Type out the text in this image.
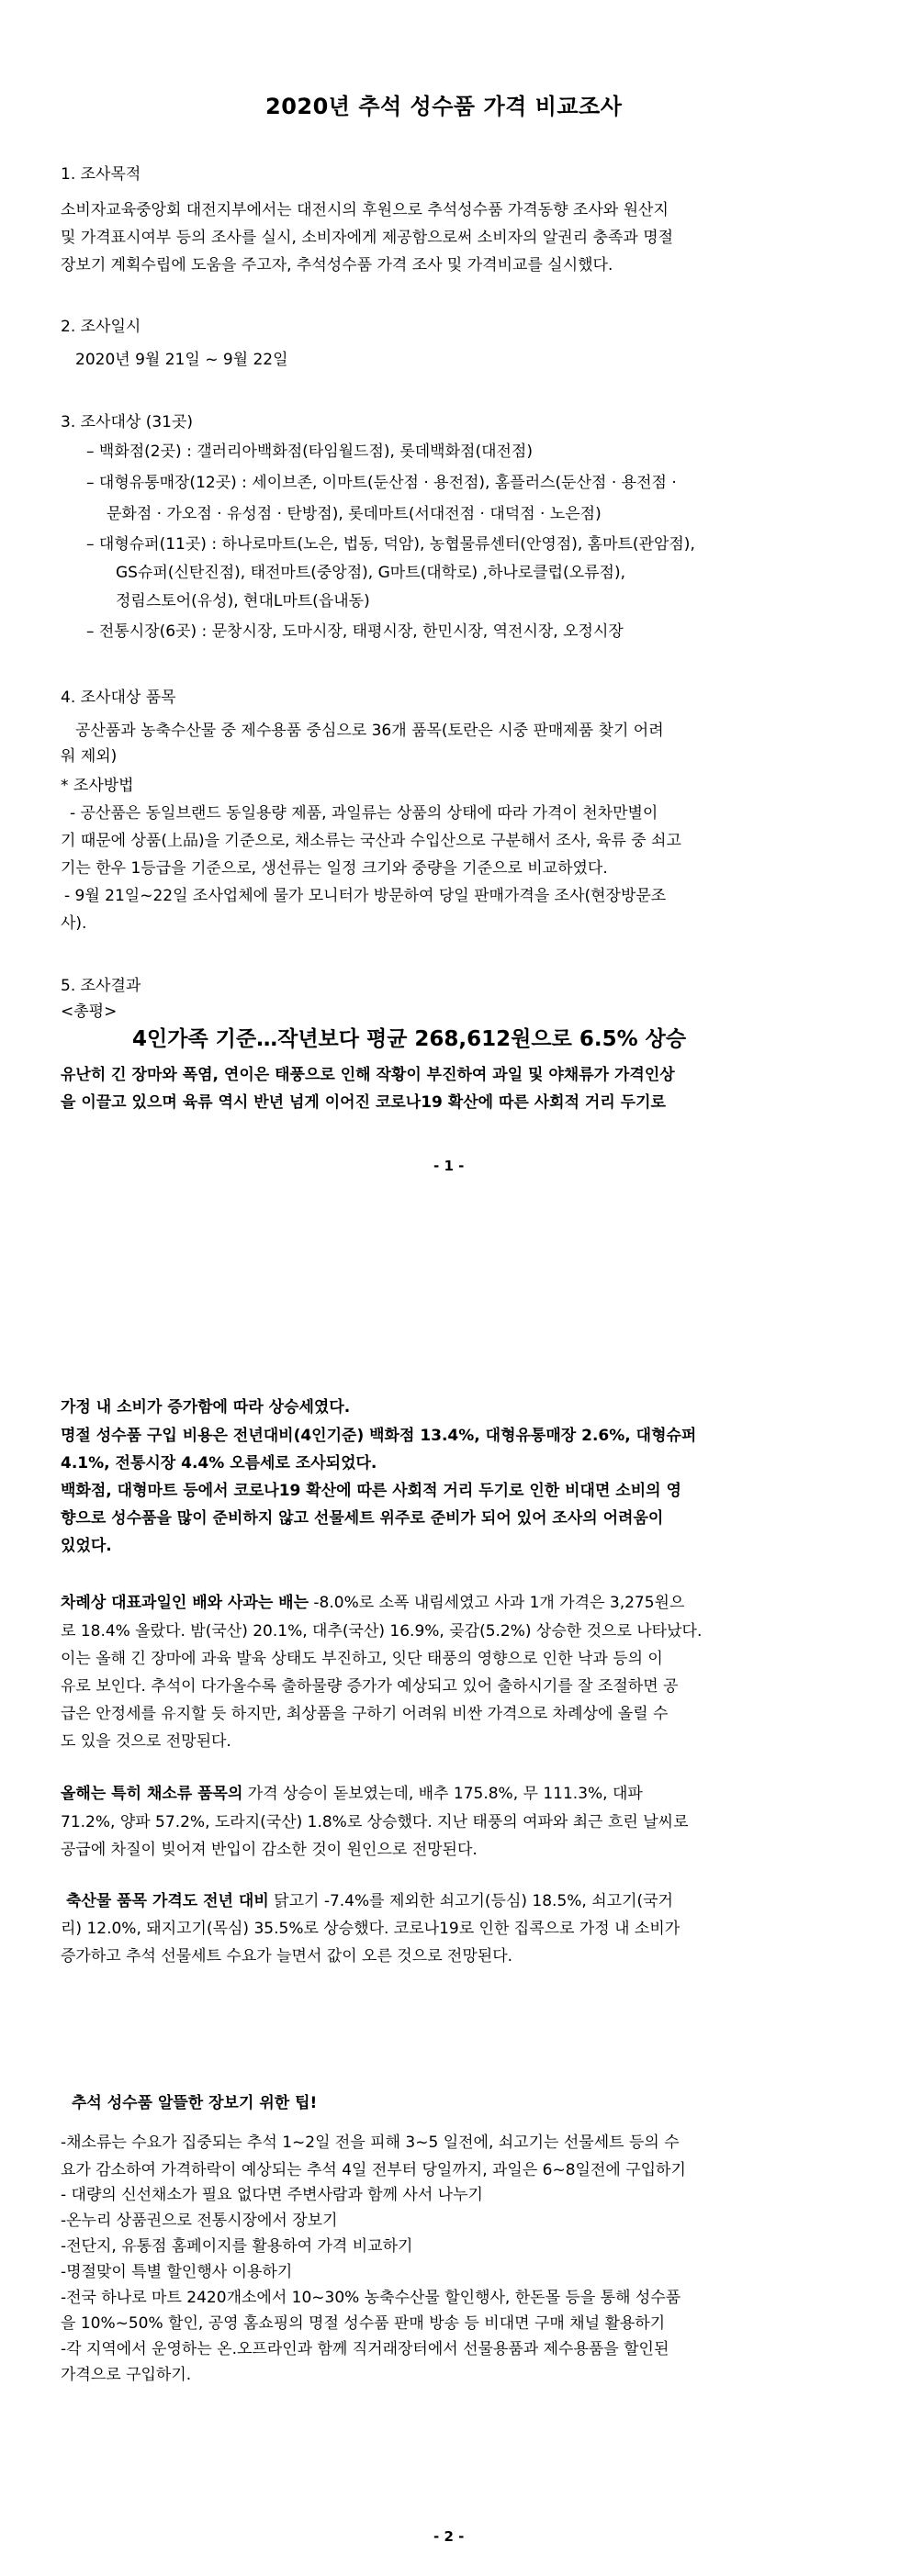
2020년 추석 성수품 가격 비교조사
1. 조사목적
소비자교육중앙회 대전지부에서는 대전시의 후원으로 추석성수품 가격동향 조사와 원산지
및 가격표시여부 등의 조사를 실시, 소비자에게 제공함으로써 소비자의 알권리 충족과 명절
장보기 계획수립에 도움을 주고자, 추석성수품 가격 조사 및 가격비교를 실시했다.
2. 조사일시
2020년 9월 21일 ~ 9월 22일
3. 조사대상 (31곳)
– 백화점(2곳) : 갤러리아백화점(타임월드점), 롯데백화점(대전점)
– 대형유통매장(12곳) : 세이브존, 이마트(둔산점 · 용전점), 홈플러스(둔산점 · 용전점 ·
문화점 · 가오점 · 유성점 · 탄방점), 롯데마트(서대전점 · 대덕점 · 노은점)
– 대형슈퍼(11곳) : 하나로마트(노은, 법동, 덕암), 농협물류센터(안영점), 홈마트(관암점),
GS슈퍼(신탄진점), 태전마트(중앙점), G마트(대학로) ,하나로클럽(오류점),
정림스토어(유성), 현대L마트(읍내동)
– 전통시장(6곳) : 문창시장, 도마시장, 태평시장, 한민시장, 역전시장, 오정시장
4. 조사대상 품목
공산품과 농축수산물 중 제수용품 중심으로 36개 품목(토란은 시중 판매제품 찾기 어려
워 제외)
* 조사방법
- 공산품은 동일브랜드 동일용량 제품, 과일류는 상품의 상태에 따라 가격이 천차만별이
기 때문에 상품(上品)을 기준으로, 채소류는 국산과 수입산으로 구분해서 조사, 육류 중 쇠고
기는 한우 1등급을 기준으로, 생선류는 일정 크기와 중량을 기준으로 비교하였다.
- 9월 21일~22일 조사업체에 물가 모니터가 방문하여 당일 판매가격을 조사(현장방문조
사).
5. 조사결과
<총평>
4인가족 기준…작년보다 평균 268,612원으로 6.5% 상승
유난히 긴 장마와 폭염, 연이은 태풍으로 인해 작황이 부진하여 과일 및 야채류가 가격인상
을 이끌고 있으며 육류 역시 반년 넘게 이어진 코로나19 확산에 따른 사회적 거리 두기로
- 1 -
가정 내 소비가 증가함에 따라 상승세였다.
명절 성수품 구입 비용은 전년대비(4인기준) 백화점 13.4%, 대형유통매장 2.6%, 대형슈퍼
4.1%, 전통시장 4.4% 오름세로 조사되었다.
백화점, 대형마트 등에서 코로나19 확산에 따른 사회적 거리 두기로 인한 비대면 소비의 영
향으로 성수품을 많이 준비하지 않고 선물세트 위주로 준비가 되어 있어 조사의 어려움이
있었다.
차례상 대표과일인 배와 사과는 배는 -8.0%로 소폭 내림세였고 사과 1개 가격은 3,275원으
로 18.4% 올랐다. 밤(국산) 20.1%, 대추(국산) 16.9%, 곶감(5.2%) 상승한 것으로 나타났다.
이는 올해 긴 장마에 과육 발육 상태도 부진하고, 잇단 태풍의 영향으로 인한 낙과 등의 이
유로 보인다. 추석이 다가올수록 출하물량 증가가 예상되고 있어 출하시기를 잘 조절하면 공
급은 안정세를 유지할 듯 하지만, 최상품을 구하기 어려워 비싼 가격으로 차례상에 올릴 수
도 있을 것으로 전망된다.
올해는 특히 채소류 품목의 가격 상승이 돋보였는데, 배추 175.8%, 무 111.3%, 대파
71.2%, 양파 57.2%, 도라지(국산) 1.8%로 상승했다. 지난 태풍의 여파와 최근 흐린 날씨로
공급에 차질이 빚어져 반입이 감소한 것이 원인으로 전망된다.
축산물 품목 가격도 전년 대비 닭고기 -7.4%를 제외한 쇠고기(등심) 18.5%, 쇠고기(국거
리) 12.0%, 돼지고기(목심) 35.5%로 상승했다. 코로나19로 인한 집콕으로 가정 내 소비가
증가하고 추석 선물세트 수요가 늘면서 값이 오른 것으로 전망된다.
추석 성수품 알뜰한 장보기 위한 팁!
-채소류는 수요가 집중되는 추석 1~2일 전을 피해 3~5 일전에, 쇠고기는 선물세트 등의 수
요가 감소하여 가격하락이 예상되는 추석 4일 전부터 당일까지, 과일은 6~8일전에 구입하기
- 대량의 신선채소가 필요 없다면 주변사람과 함께 사서 나누기
-온누리 상품권으로 전통시장에서 장보기
-전단지, 유통점 홈페이지를 활용하여 가격 비교하기
-명절맞이 특별 할인행사 이용하기
-전국 하나로 마트 2420개소에서 10~30% 농축수산물 할인행사, 한돈몰 등을 통해 성수품
을 10%~50% 할인, 공영 홈쇼핑의 명절 성수품 판매 방송 등 비대면 구매 채널 활용하기
-각 지역에서 운영하는 온.오프라인과 함께 직거래장터에서 선물용품과 제수용품을 할인된
가격으로 구입하기.
- 2 -
